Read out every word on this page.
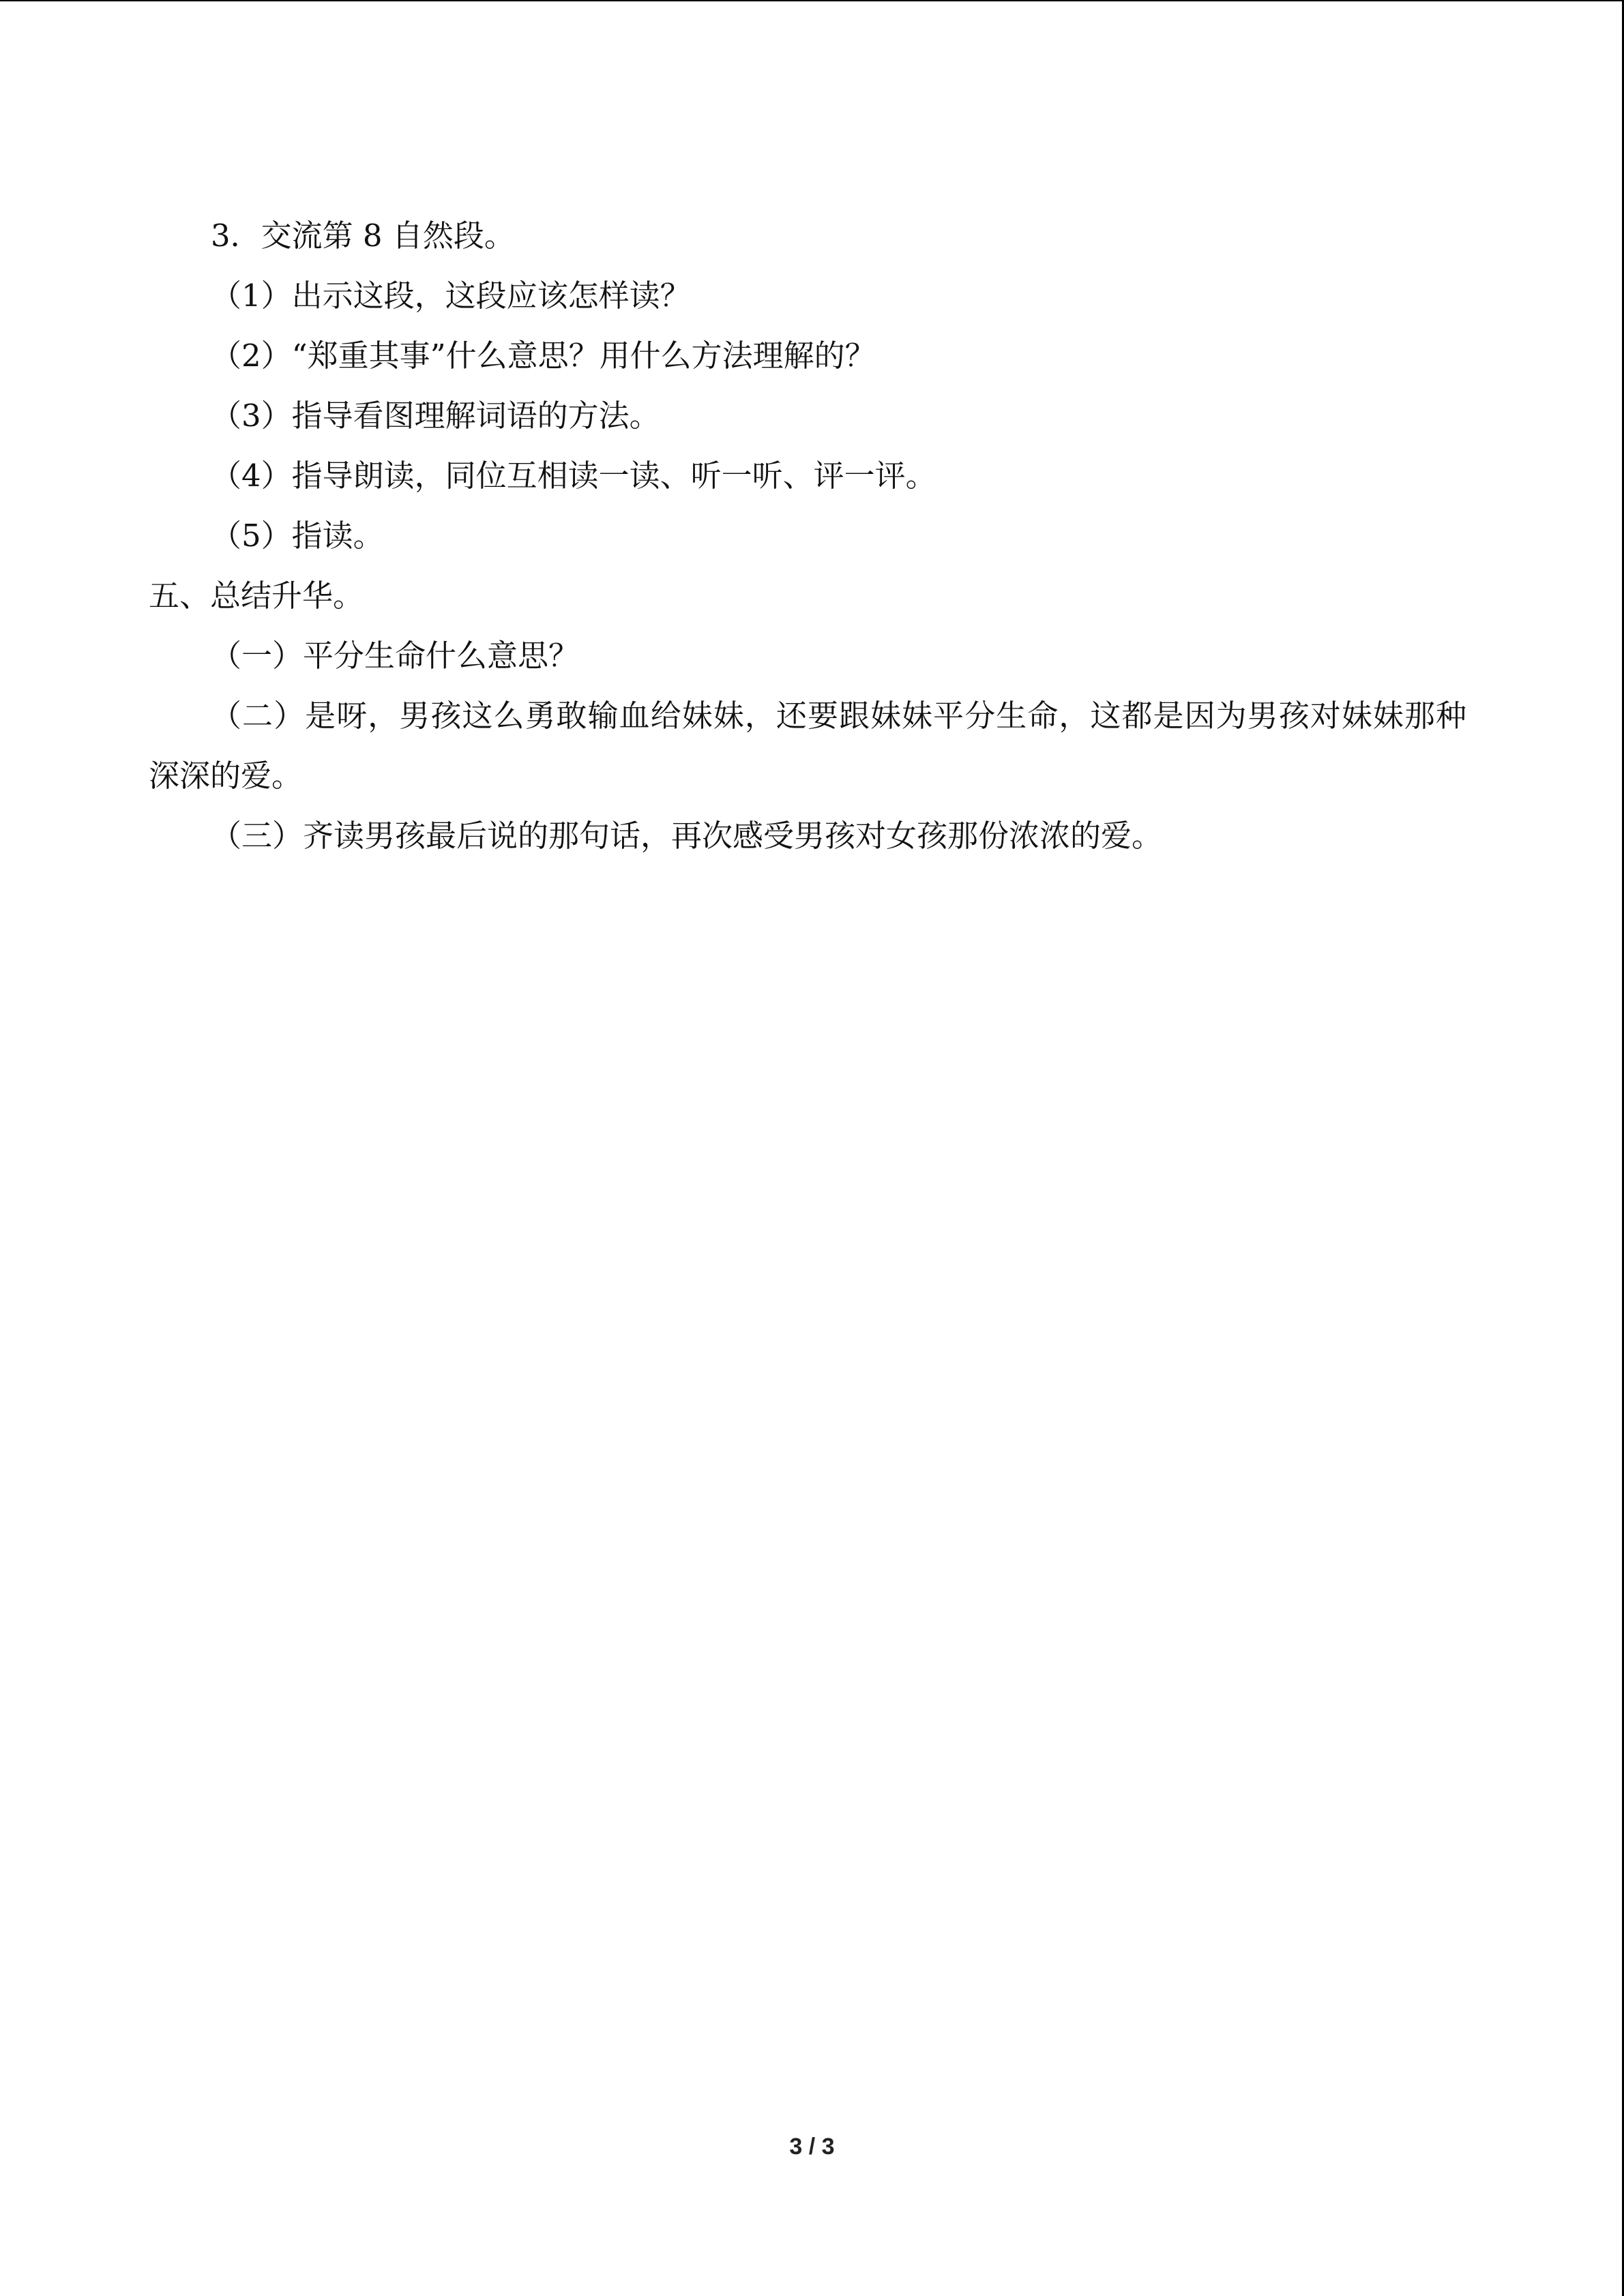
3．交流第 8 自然段。

（1）出示这段，这段应该怎样读？

（2）“郑重其事”什么意思？用什么方法理解的？

（3）指导看图理解词语的方法。

（4）指导朗读，同位互相读一读、听一听、评一评。

（5）指读。

五、总结升华。

（一）平分生命什么意思？

（二）是呀，男孩这么勇敢输血给妹妹，还要跟妹妹平分生命，这都是因为男孩对妹妹那种深深的爱。

（三）齐读男孩最后说的那句话，再次感受男孩对女孩那份浓浓的爱。

3 / 3
